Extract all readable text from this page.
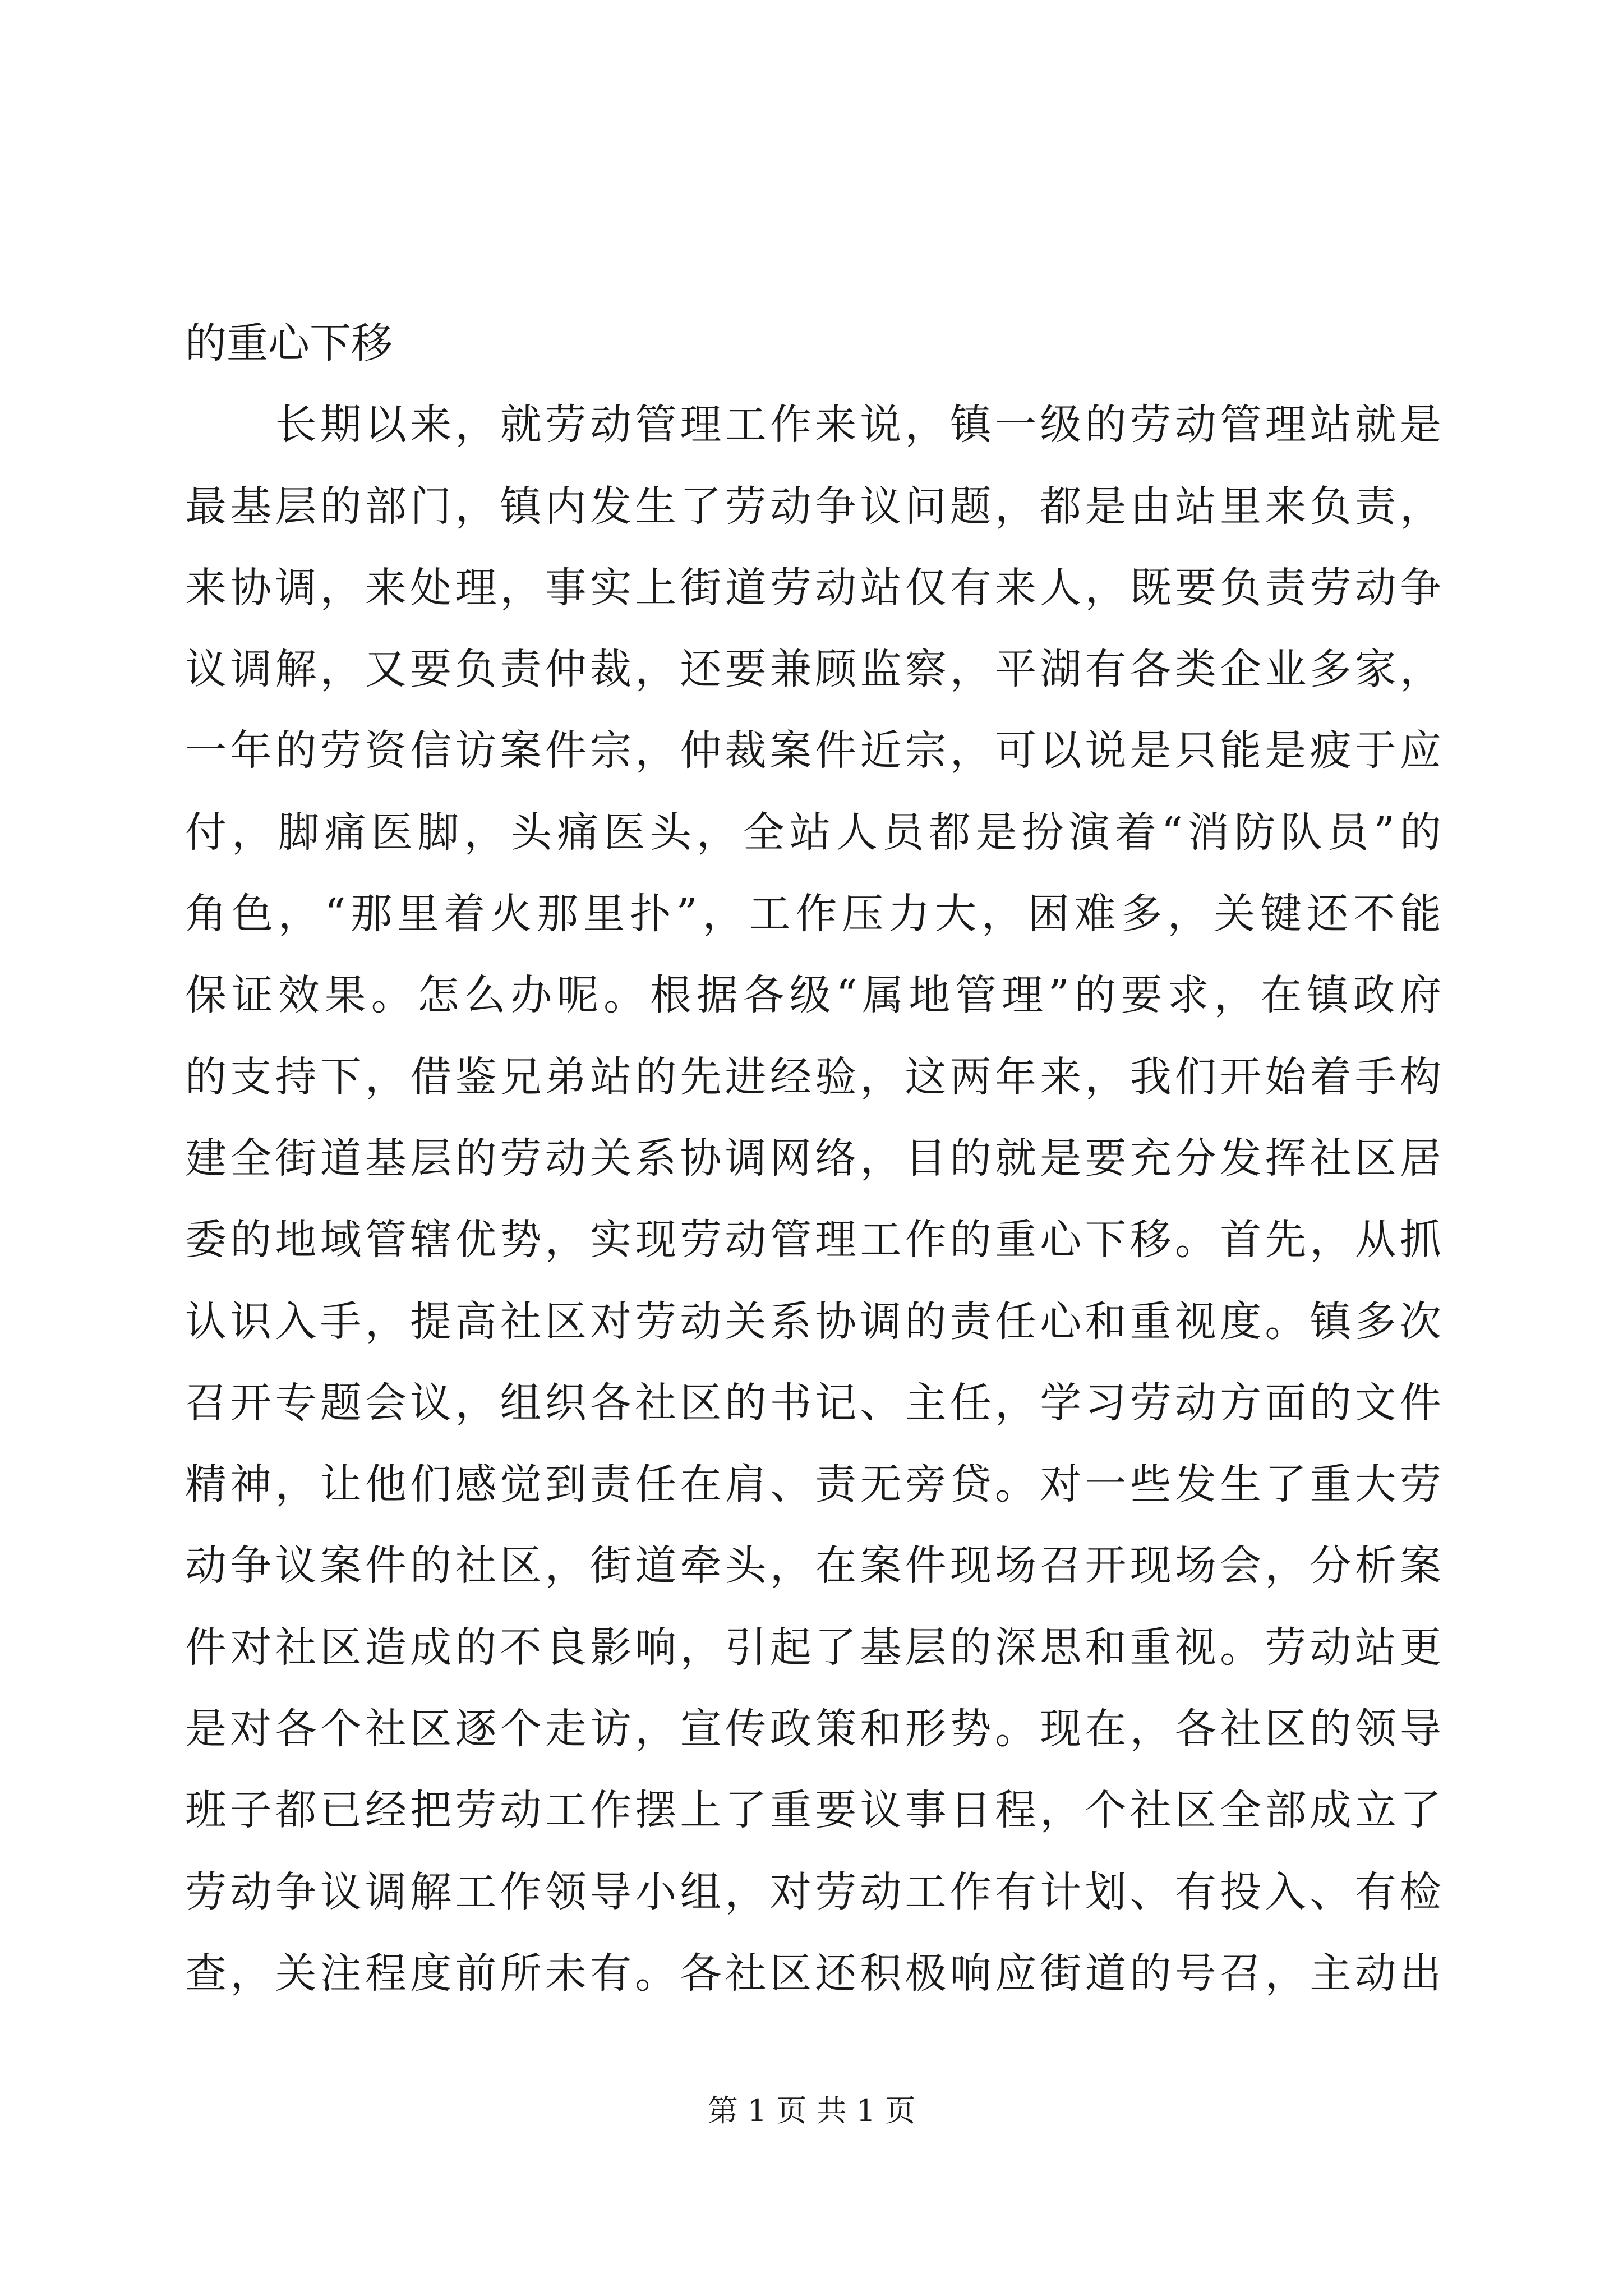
的重心下移
　　长期以来，就劳动管理工作来说，镇一级的劳动管理站就是
最基层的部门，镇内发生了劳动争议问题，都是由站里来负责，
来协调，来处理，事实上街道劳动站仅有来人，既要负责劳动争
议调解，又要负责仲裁，还要兼顾监察，平湖有各类企业多家，
一年的劳资信访案件宗，仲裁案件近宗，可以说是只能是疲于应
付，脚痛医脚，头痛医头，全站人员都是扮演着“消防队员”的
角色，“那里着火那里扑”，工作压力大，困难多，关键还不能
保证效果。怎么办呢。根据各级“属地管理”的要求，在镇政府
的支持下，借鉴兄弟站的先进经验，这两年来，我们开始着手构
建全街道基层的劳动关系协调网络，目的就是要充分发挥社区居
委的地域管辖优势，实现劳动管理工作的重心下移。首先，从抓
认识入手，提高社区对劳动关系协调的责任心和重视度。镇多次
召开专题会议，组织各社区的书记、主任，学习劳动方面的文件
精神，让他们感觉到责任在肩、责无旁贷。对一些发生了重大劳
动争议案件的社区，街道牵头，在案件现场召开现场会，分析案
件对社区造成的不良影响，引起了基层的深思和重视。劳动站更
是对各个社区逐个走访，宣传政策和形势。现在，各社区的领导
班子都已经把劳动工作摆上了重要议事日程，个社区全部成立了
劳动争议调解工作领导小组，对劳动工作有计划、有投入、有检
查，关注程度前所未有。各社区还积极响应街道的号召，主动出
第 1 页 共 1 页
